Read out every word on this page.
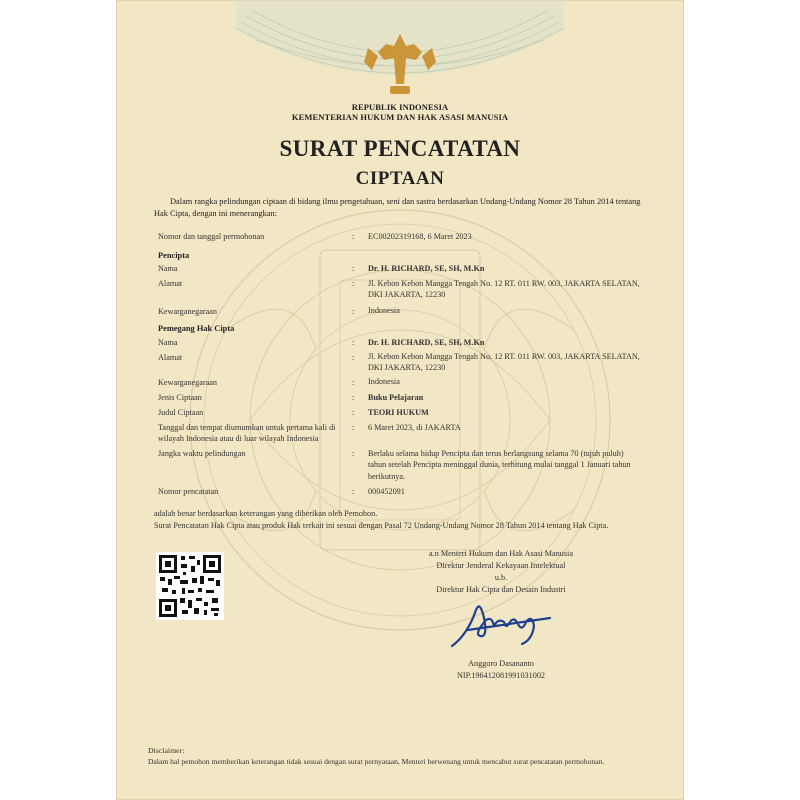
REPUBLIK INDONESIA
KEMENTERIAN HUKUM DAN HAK ASASI MANUSIA
SURAT PENCATATAN
CIPTAAN
Dalam rangka pelindungan ciptaan di bidang ilmu pengetahuan, seni dan sastra berdasarkan Undang-Undang Nomor 28 Tahun 2014 tentang Hak Cipta, dengan ini menerangkan:
Nomor dan tanggal permohonan	: EC00202319168, 6 Maret 2023
Pencipta
Nama	: Dr. H. RICHARD, SE, SH, M.Kn
Alamat	: Jl. Kebon Kebon Mangga Tengah No. 12 RT. 011 RW. 003, JAKARTA SELATAN, DKI JAKARTA, 12230
Kewarganegaraan	: Indonesia
Pemegang Hak Cipta
Nama	: Dr. H. RICHARD, SE, SH, M.Kn
Alamat	: Jl. Kebon Kebon Mangga Tengah No. 12 RT. 011 RW. 003, JAKARTA SELATAN, DKI JAKARTA, 12230
Kewarganegaraan	: Indonesia
Jenis Ciptaan	: Buku Pelajaran
Judul Ciptaan	: TEORI HUKUM
Tanggal dan tempat diumumkan untuk pertama kali di wilayah Indonesia atau di luar wilayah Indonesia
: 6 Maret 2023, di JAKARTA
Jangka waktu pelindungan	: Berlaku selama hidup Pencipta dan terus berlangsung selama 70 (tujuh puluh) tahun setelah Pencipta meninggal dunia, terhitung mulai tanggal 1 Januari tahun berikutnya.
Nomor pencatatan	: 000452091
adalah benar berdasarkan keterangan yang diberikan oleh Pemohon.
Surat Pencatatan Hak Cipta atau produk Hak terkait ini sesuai dengan Pasal 72 Undang-Undang Nomor 28 Tahun 2014 tentang Hak Cipta.
a.n Menteri Hukum dan Hak Asasi Manusia
Direktur Jenderal Kekayaan Intelektual
u.b.
Direktur Hak Cipta dan Desain Industri
Anggoro Dasananto
NIP.196412081991031002
Disclaimer:
Dalam hal pemohon memberikan keterangan tidak sesuai dengan surat pernyataan, Menteri berwenang untuk mencabut surat pencatatan permohonan.
